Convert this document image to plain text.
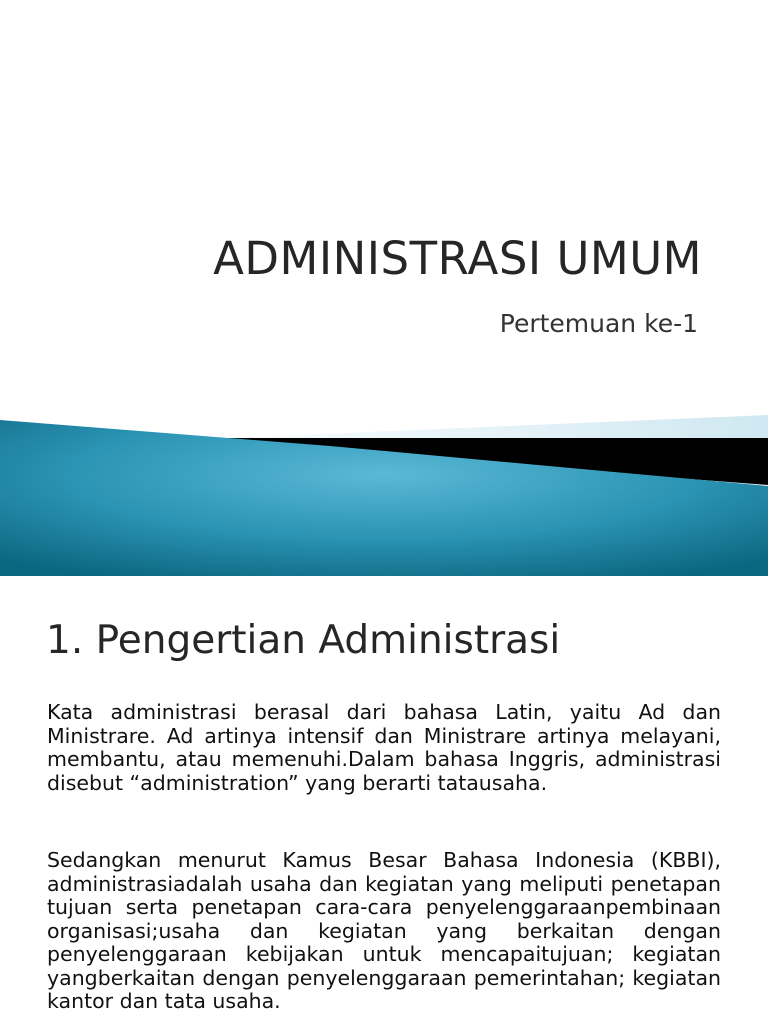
ADMINISTRASI UMUM
Pertemuan ke-1
1. Pengertian Administrasi

Kata administrasi berasal dari bahasa Latin, yaitu Ad dan Ministrare. Ad artinya intensif dan Ministrare artinya melayani, membantu, atau memenuhi.Dalam bahasa Inggris, administrasi disebut “administration” yang berarti tatausaha.

Sedangkan menurut Kamus Besar Bahasa Indonesia (KBBI), administrasiadalah usaha dan kegiatan yang meliputi penetapan tujuan serta penetapan cara-cara penyelenggaraanpembinaan organisasi;usaha dan kegiatan yang berkaitan dengan penyelenggaraan kebijakan untuk mencapaitujuan; kegiatan yangberkaitan dengan penyelenggaraan pemerintahan; kegiatan kantor dan tata usaha.
